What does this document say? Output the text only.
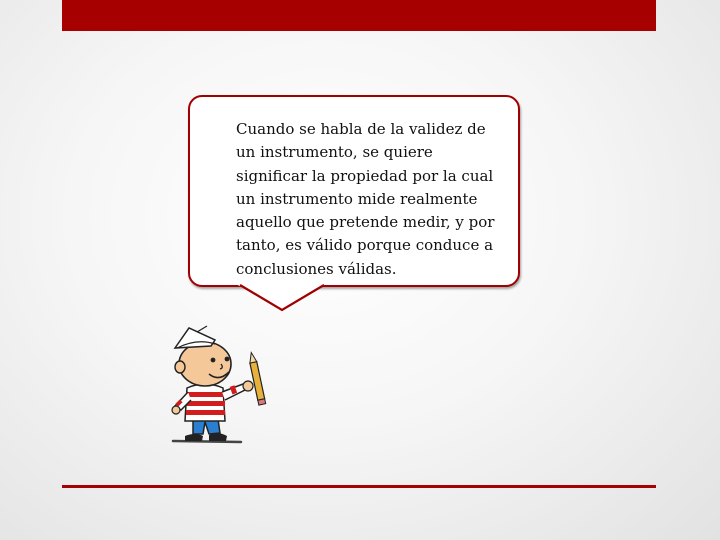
Cuando se habla de la validez de
un instrumento, se quiere
significar la propiedad por la cual
un instrumento mide realmente
aquello que pretende medir, y por
tanto, es válido porque conduce a
conclusiones válidas.
